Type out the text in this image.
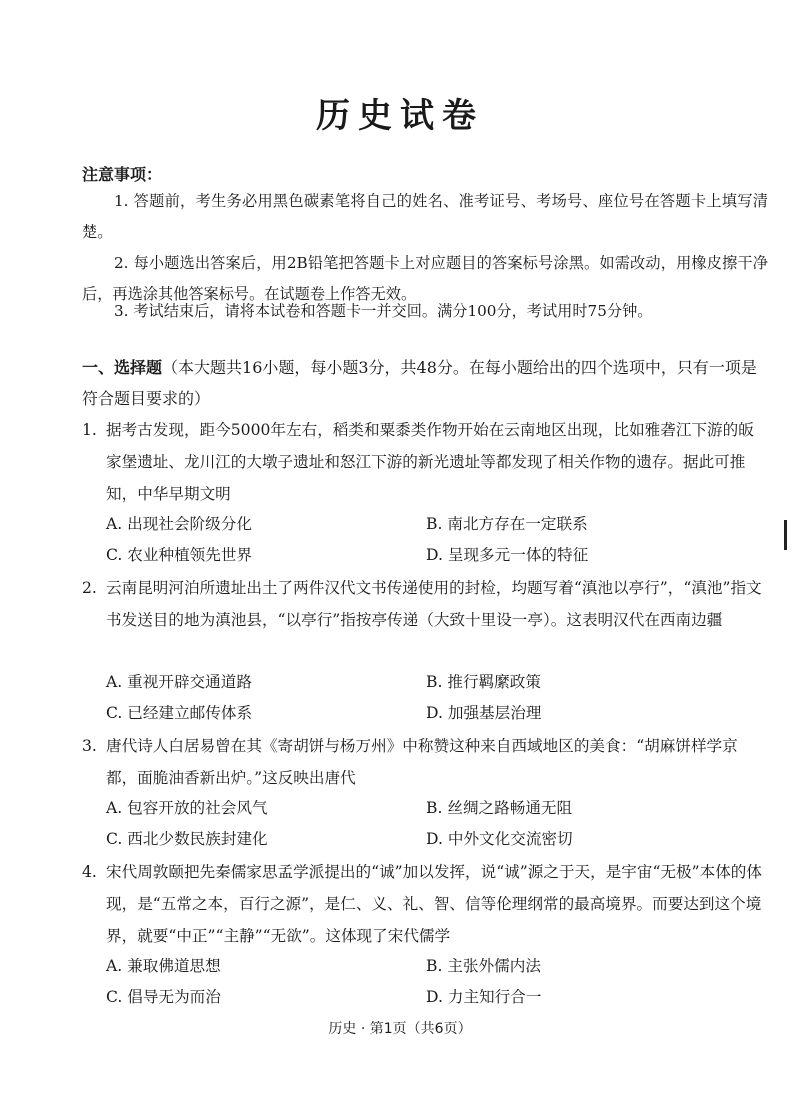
历史试卷
注意事项：
1. 答题前，考生务必用黑色碳素笔将自己的姓名、准考证号、考场号、座位号在答题卡上填写清楚。
2. 每小题选出答案后，用2B铅笔把答题卡上对应题目的答案标号涂黑。如需改动，用橡皮擦干净后，再选涂其他答案标号。在试题卷上作答无效。
3. 考试结束后，请将本试卷和答题卡一并交回。满分100分，考试用时75分钟。
一、选择题（本大题共16小题，每小题3分，共48分。在每小题给出的四个选项中，只有一项是符合题目要求的）
1. 据考古发现，距今5000年左右，稻类和粟黍类作物开始在云南地区出现，比如雅砻江下游的皈家堡遗址、龙川江的大墩子遗址和怒江下游的新光遗址等都发现了相关作物的遗存。据此可推知，中华早期文明
A. 出现社会阶级分化	B. 南北方存在一定联系
C. 农业种植领先世界	D. 呈现多元一体的特征
2. 云南昆明河泊所遗址出土了两件汉代文书传递使用的封检，均题写着“滇池以亭行”，“滇池”指文书发送目的地为滇池县，“以亭行”指按亭传递（大致十里设一亭）。这表明汉代在西南边疆
A. 重视开辟交通道路	B. 推行羁縻政策
C. 已经建立邮传体系	D. 加强基层治理
3. 唐代诗人白居易曾在其《寄胡饼与杨万州》中称赞这种来自西域地区的美食：“胡麻饼样学京都，面脆油香新出炉。”这反映出唐代
A. 包容开放的社会风气	B. 丝绸之路畅通无阻
C. 西北少数民族封建化	D. 中外文化交流密切
4. 宋代周敦颐把先秦儒家思孟学派提出的“诚”加以发挥，说“诚”源之于天，是宇宙“无极”本体的体现，是“五常之本，百行之源”，是仁、义、礼、智、信等伦理纲常的最高境界。而要达到这个境界，就要“中正”“主静”“无欲”。这体现了宋代儒学
A. 兼取佛道思想	B. 主张外儒内法
C. 倡导无为而治	D. 力主知行合一
历史 · 第1页（共6页）
